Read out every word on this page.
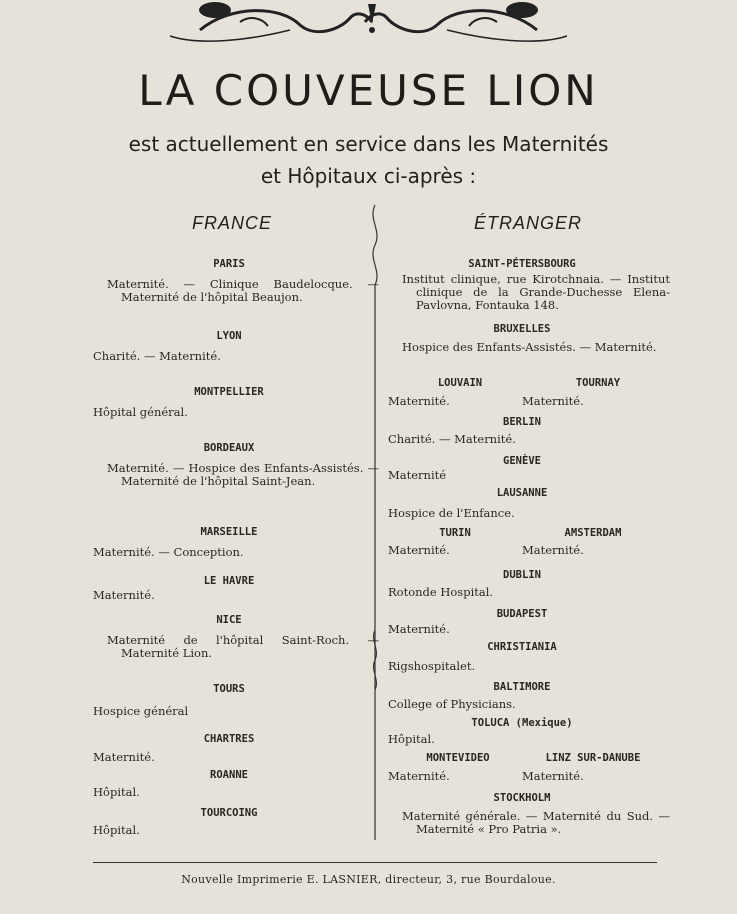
LA COUVEUSE LION
est actuellement en service dans les Maternités
et Hôpitaux ci-après :
FRANCE	ÉTRANGER
PARIS
Maternité. — Clinique Baudelocque. — Maternité de l'hôpital Beaujon.
LYON
Charité. — Maternité.
MONTPELLIER
Hôpital général.
BORDEAUX
Maternité. — Hospice des Enfants-Assistés. — Maternité de l'hôpital Saint-Jean.
MARSEILLE
Maternité. — Conception.
LE HAVRE
Maternité.
NICE
Maternité de l'hôpital Saint-Roch. — Maternité Lion.
TOURS
Hospice général
CHARTRES
Maternité.
ROANNE
Hôpital.
TOURCOING
Hôpital.
SAINT-PÉTERSBOURG
Institut clinique, rue Kirotchnaia. — Institut clinique de la Grande-Duchesse Elena-Pavlovna, Fontauka 148.
BRUXELLES
Hospice des Enfants-Assistés. — Maternité.
LOUVAIN
Maternité.
TOURNAY
Maternité.
BERLIN
Charité. — Maternité.
GENÈVE
Maternité
LAUSANNE
Hospice de l'Enfance.
TURIN
Maternité.
AMSTERDAM
Maternité.
DUBLIN
Rotonde Hospital.
BUDAPEST
Maternité.
CHRISTIANIA
Rigshospitalet.
BALTIMORE
College of Physicians.
TOLUCA (Mexique)
Hôpital.
MONTEVIDEO
Maternité.
LINZ SUR-DANUBE
Maternité.
STOCKHOLM
Maternité générale. — Maternité du Sud. — Maternité « Pro Patria ».
Nouvelle Imprimerie E. LASNIER, directeur, 3, rue Bourdaloue.
